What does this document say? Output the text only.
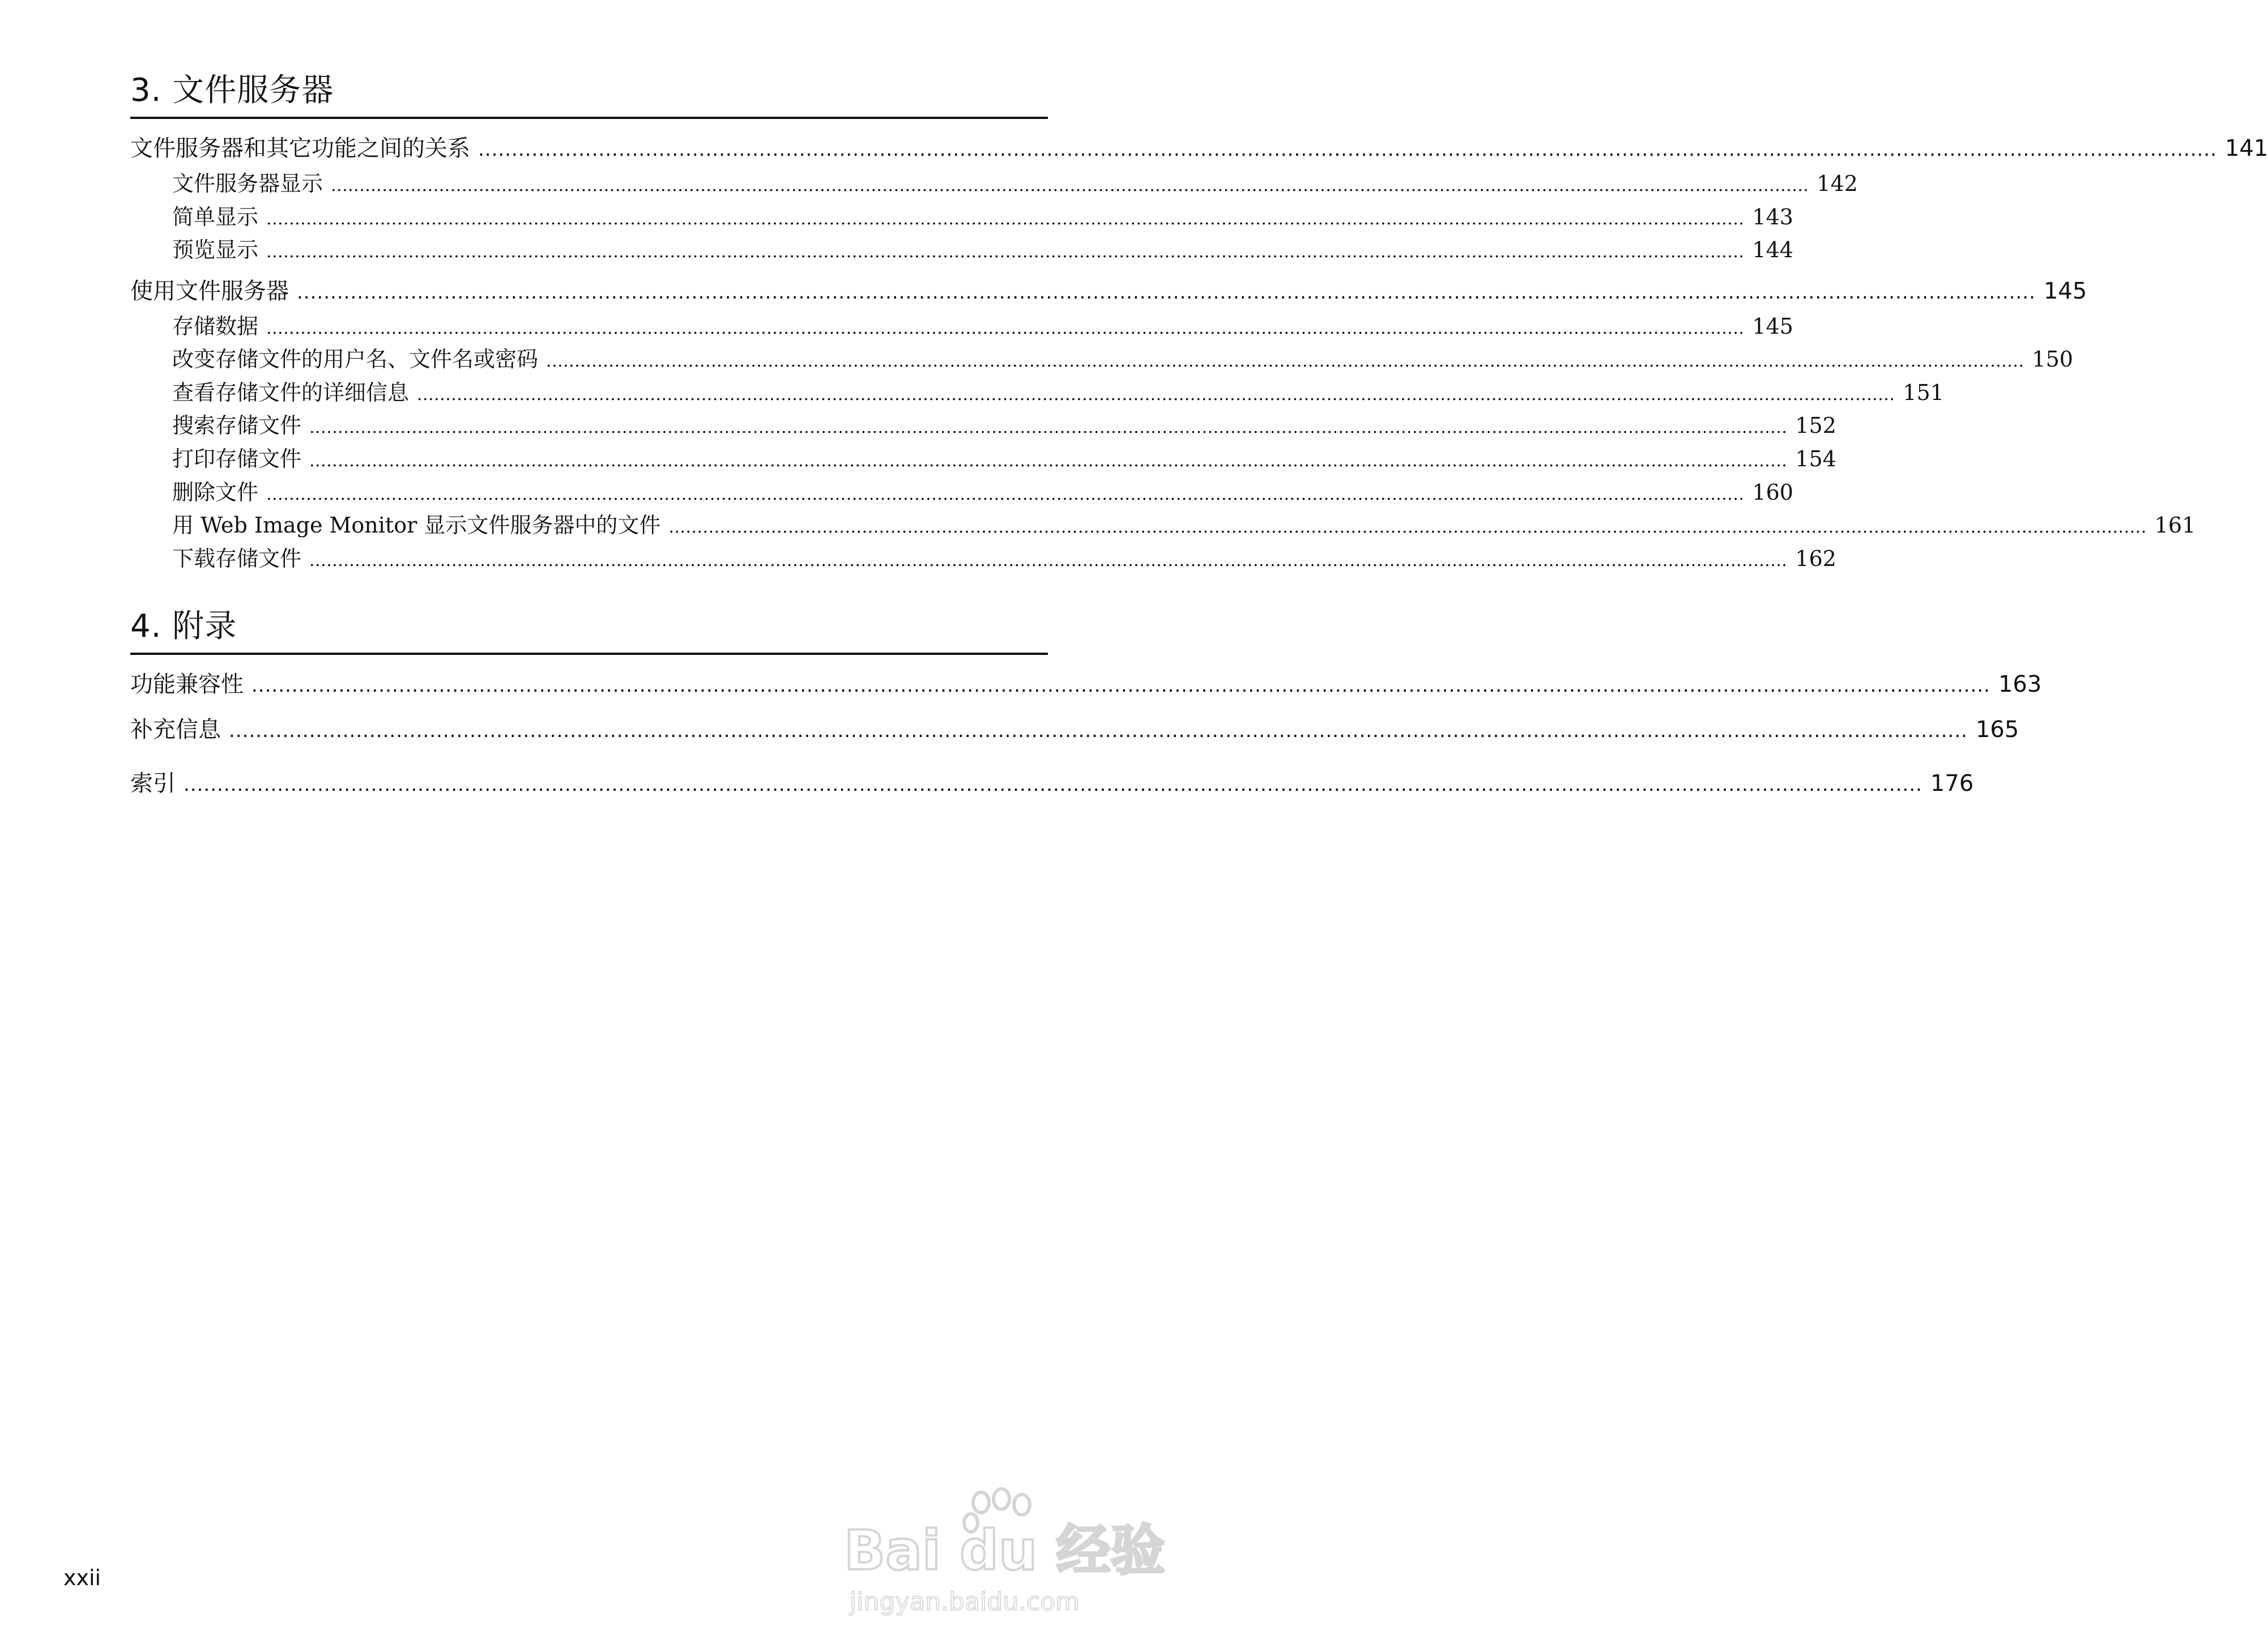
3. 文件服务器
文件服务器和其它功能之间的关系 .................................................................................................................................................................................................................................................................... 141
文件服务器显示 .................................................................................................................................................................................................................................................................... 142
简单显示 .................................................................................................................................................................................................................................................................... 143
预览显示 .................................................................................................................................................................................................................................................................... 144
使用文件服务器 .................................................................................................................................................................................................................................................................... 145
存储数据 .................................................................................................................................................................................................................................................................... 145
改变存储文件的用户名、文件名或密码 .................................................................................................................................................................................................................................................................... 150
查看存储文件的详细信息 .................................................................................................................................................................................................................................................................... 151
搜索存储文件 .................................................................................................................................................................................................................................................................... 152
打印存储文件 .................................................................................................................................................................................................................................................................... 154
删除文件 .................................................................................................................................................................................................................................................................... 160
用 Web Image Monitor 显示文件服务器中的文件 .................................................................................................................................................................................................................................................................... 161
下载存储文件 .................................................................................................................................................................................................................................................................... 162
4. 附录
功能兼容性 .................................................................................................................................................................................................................................................................... 163
补充信息 .................................................................................................................................................................................................................................................................... 165
索引 .................................................................................................................................................................................................................................................................... 176
xxii	Bai du 经验
jingyan.baidu.com
